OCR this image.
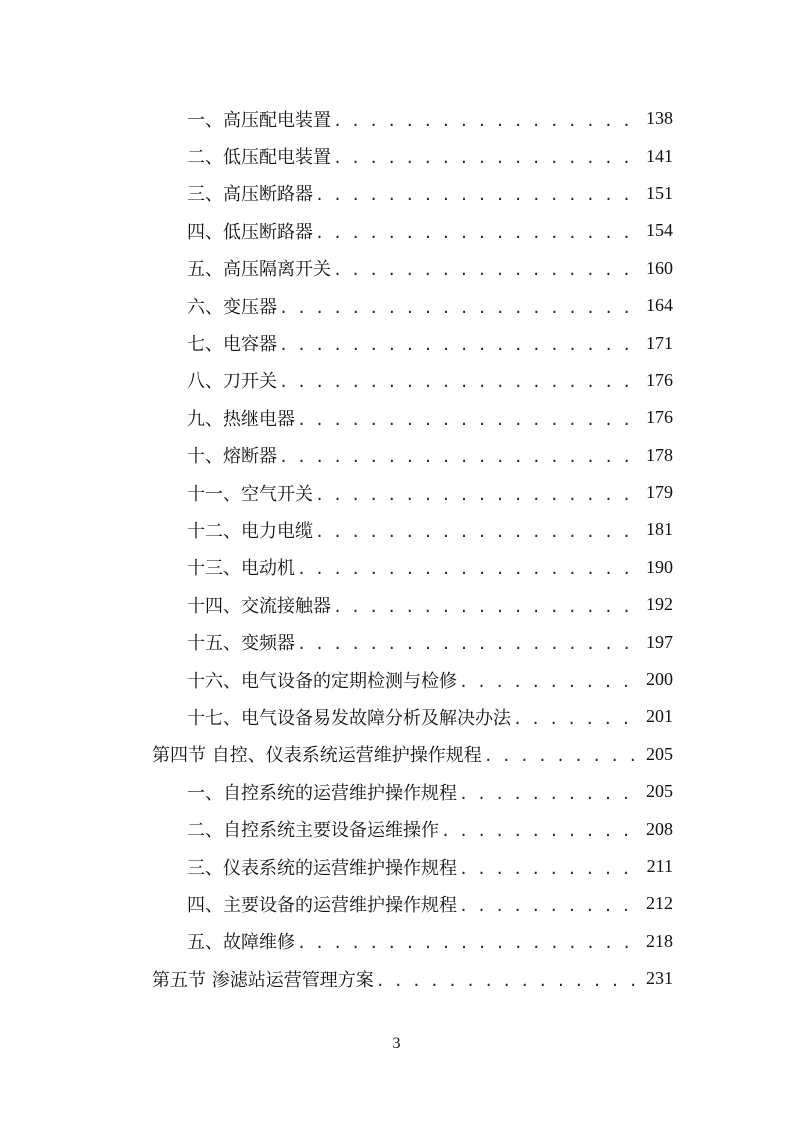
一、高压配电装置 . . .	138
二、低压配电装置 . . .	141
三、高压断路器 . . .	151
四、低压断路器 . . .	154
五、高压隔离开关 . . .	160
六、变压器 . . .	164
七、电容器 . . .	171
八、刀开关 . . .	176
九、热继电器 . . .	176
十、熔断器 . . .	178
十一、空气开关 . . .	179
十二、电力电缆 . . .	181
十三、电动机 . . .	190
十四、交流接触器 . . .	192
十五、变频器 . . .	197
十六、电气设备的定期检测与检修 . . .	200
十七、电气设备易发故障分析及解决办法 . . .	201
第四节 自控、仪表系统运营维护操作规程 . . .	205
一、自控系统的运营维护操作规程 . . .	205
二、自控系统主要设备运维操作 . . .	208
三、仪表系统的运营维护操作规程 . . .	211
四、主要设备的运营维护操作规程 . . .	212
五、故障维修 . . .	218
第五节 渗滤站运营管理方案 . . .	231
3
